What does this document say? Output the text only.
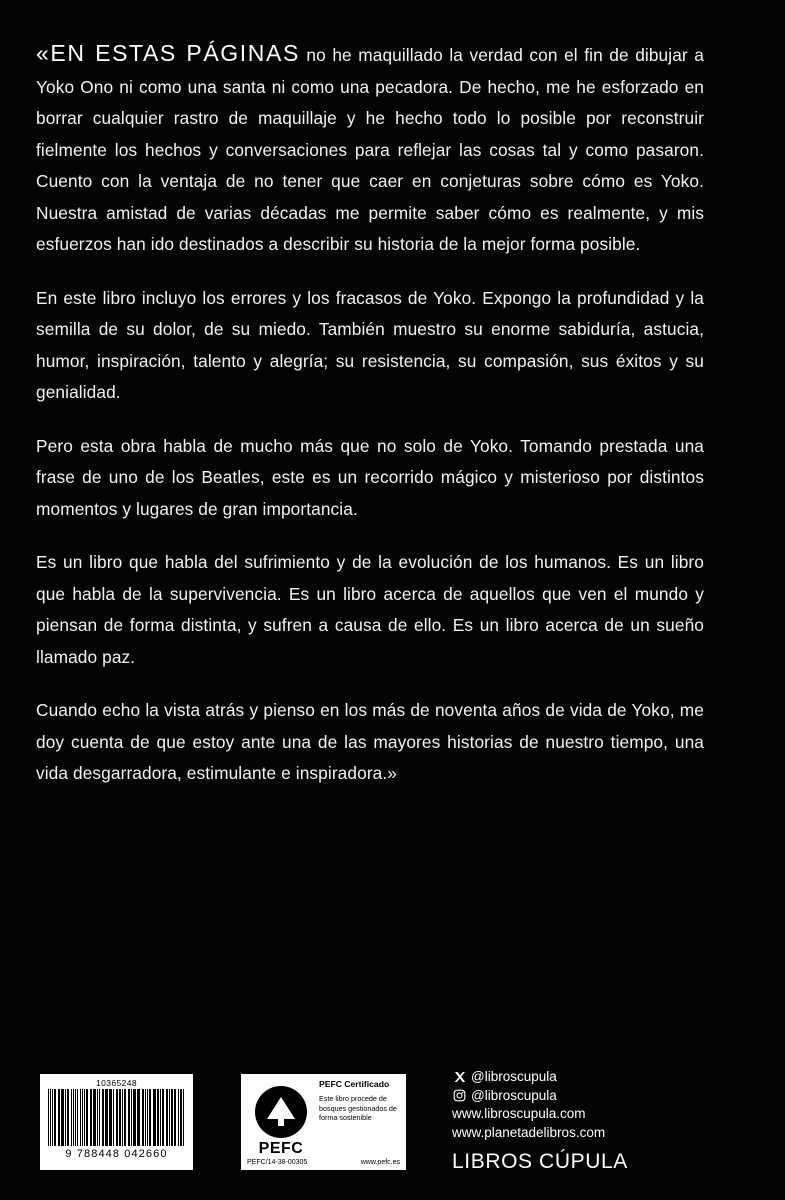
«EN ESTAS PÁGINAS no he maquillado la verdad con el fin de dibujar a Yoko Ono ni como una santa ni como una pecadora. De hecho, me he esforzado en borrar cualquier rastro de maquillaje y he hecho todo lo posible por reconstruir fielmente los hechos y conversaciones para reflejar las cosas tal y como pasaron. Cuento con la ventaja de no tener que caer en conjeturas sobre cómo es Yoko. Nuestra amistad de varias décadas me permite saber cómo es realmente, y mis esfuerzos han ido destinados a describir su historia de la mejor forma posible.

En este libro incluyo los errores y los fracasos de Yoko. Expongo la profundidad y la semilla de su dolor, de su miedo. También muestro su enorme sabiduría, astucia, humor, inspiración, talento y alegría; su resistencia, su compasión, sus éxitos y su genialidad.

Pero esta obra habla de mucho más que no solo de Yoko. Tomando prestada una frase de uno de los Beatles, este es un recorrido mágico y misterioso por distintos momentos y lugares de gran importancia.

Es un libro que habla del sufrimiento y de la evolución de los humanos. Es un libro que habla de la supervivencia. Es un libro acerca de aquellos que ven el mundo y piensan de forma distinta, y sufren a causa de ello. Es un libro acerca de un sueño llamado paz.

Cuando echo la vista atrás y pienso en los más de noventa años de vida de Yoko, me doy cuenta de que estoy ante una de las mayores historias de nuestro tiempo, una vida desgarradora, estimulante e inspiradora.»

10365248
9 788448 042660	PEFC
PEFC Certificado
Este libro procede de bosques gestionados de forma sostenible
PEFC/14-38-00305	www.pefc.es
@libroscupula
@libroscupula
www.libroscupula.com
www.planetadelibros.com
LIBROS CÚPULA
